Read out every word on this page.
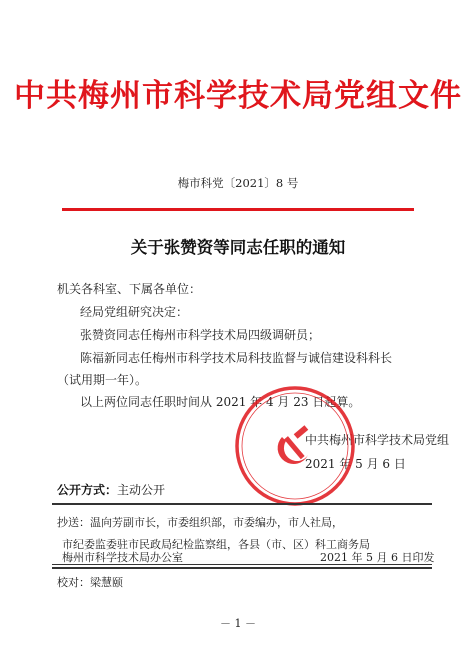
中共梅州市科学技术局党组文件

梅市科党〔2021〕8 号

关于张赞资等同志任职的通知

机关各科室、下属各单位：

经局党组研究决定：

张赞资同志任梅州市科学技术局四级调研员；

陈福新同志任梅州市科学技术局科技监督与诚信建设科科长

（试用期一年）。

以上两位同志任职时间从 2021 年 4 月 23 日起算。

中共梅州市科学技术局党组

2021 年 5 月 6 日

公开方式：主动公开

抄送：温向芳副市长，市委组织部，市委编办，市人社局，

市纪委监委驻市民政局纪检监察组，各县（市、区）科工商务局

梅州市科学技术局办公室	2021 年 5 月 6 日印发

校对：梁慧颐

－ 1 －
